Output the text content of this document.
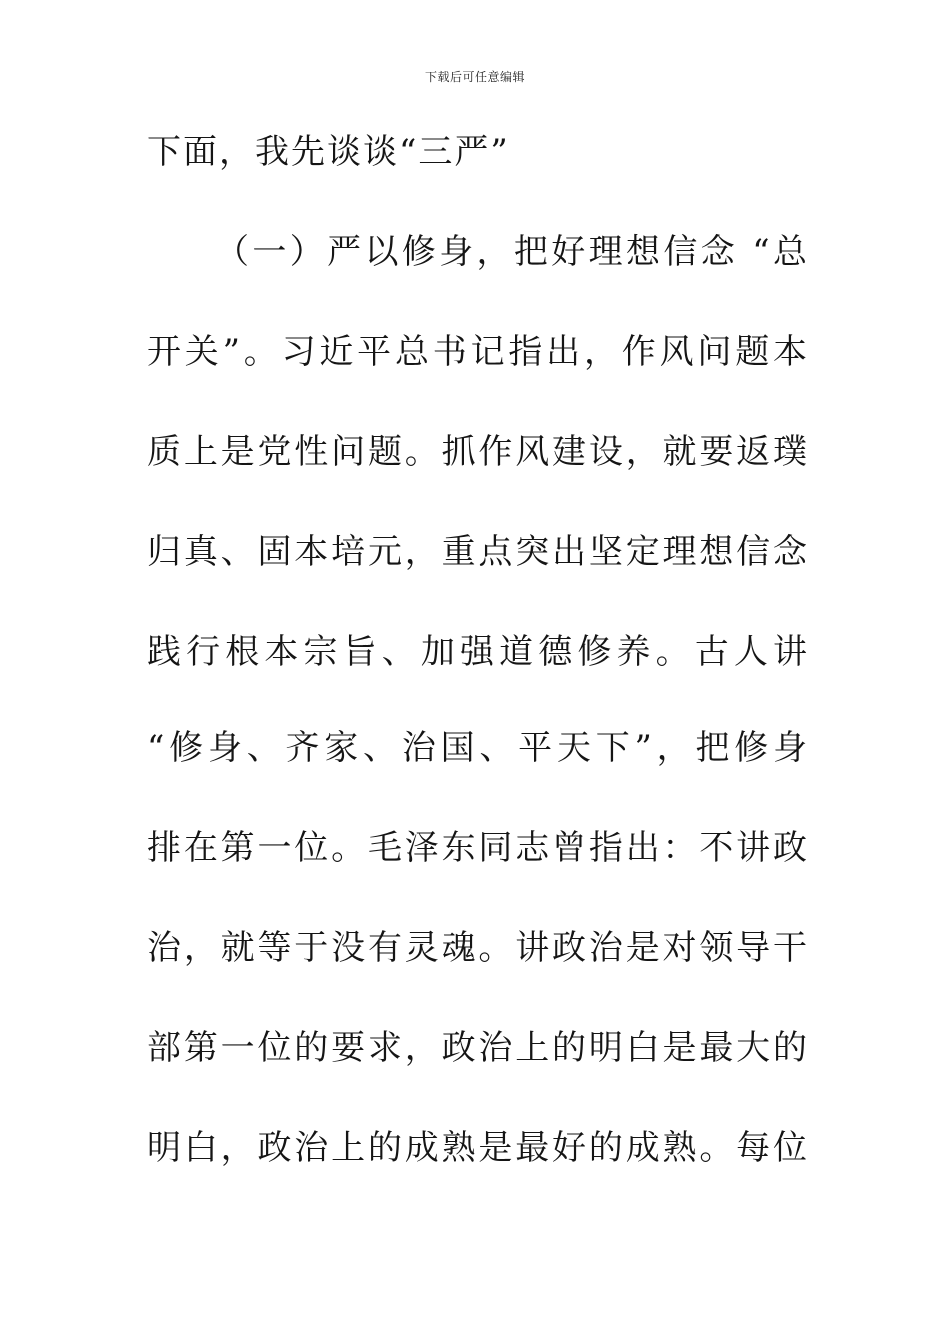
下载后可任意编辑
下面，我先谈谈“三严”
（一）严以修身，把好理想信念 “总
开关”。习近平总书记指出，作风问题本
质上是党性问题。抓作风建设，就要返璞
归真、固本培元，重点突出坚定理想信念
践行根本宗旨、加强道德修养。古人讲
“修身、齐家、治国、平天下”，把修身
排在第一位。毛泽东同志曾指出：不讲政
治，就等于没有灵魂。讲政治是对领导干
部第一位的要求，政治上的明白是最大的
明白，政治上的成熟是最好的成熟。每位
